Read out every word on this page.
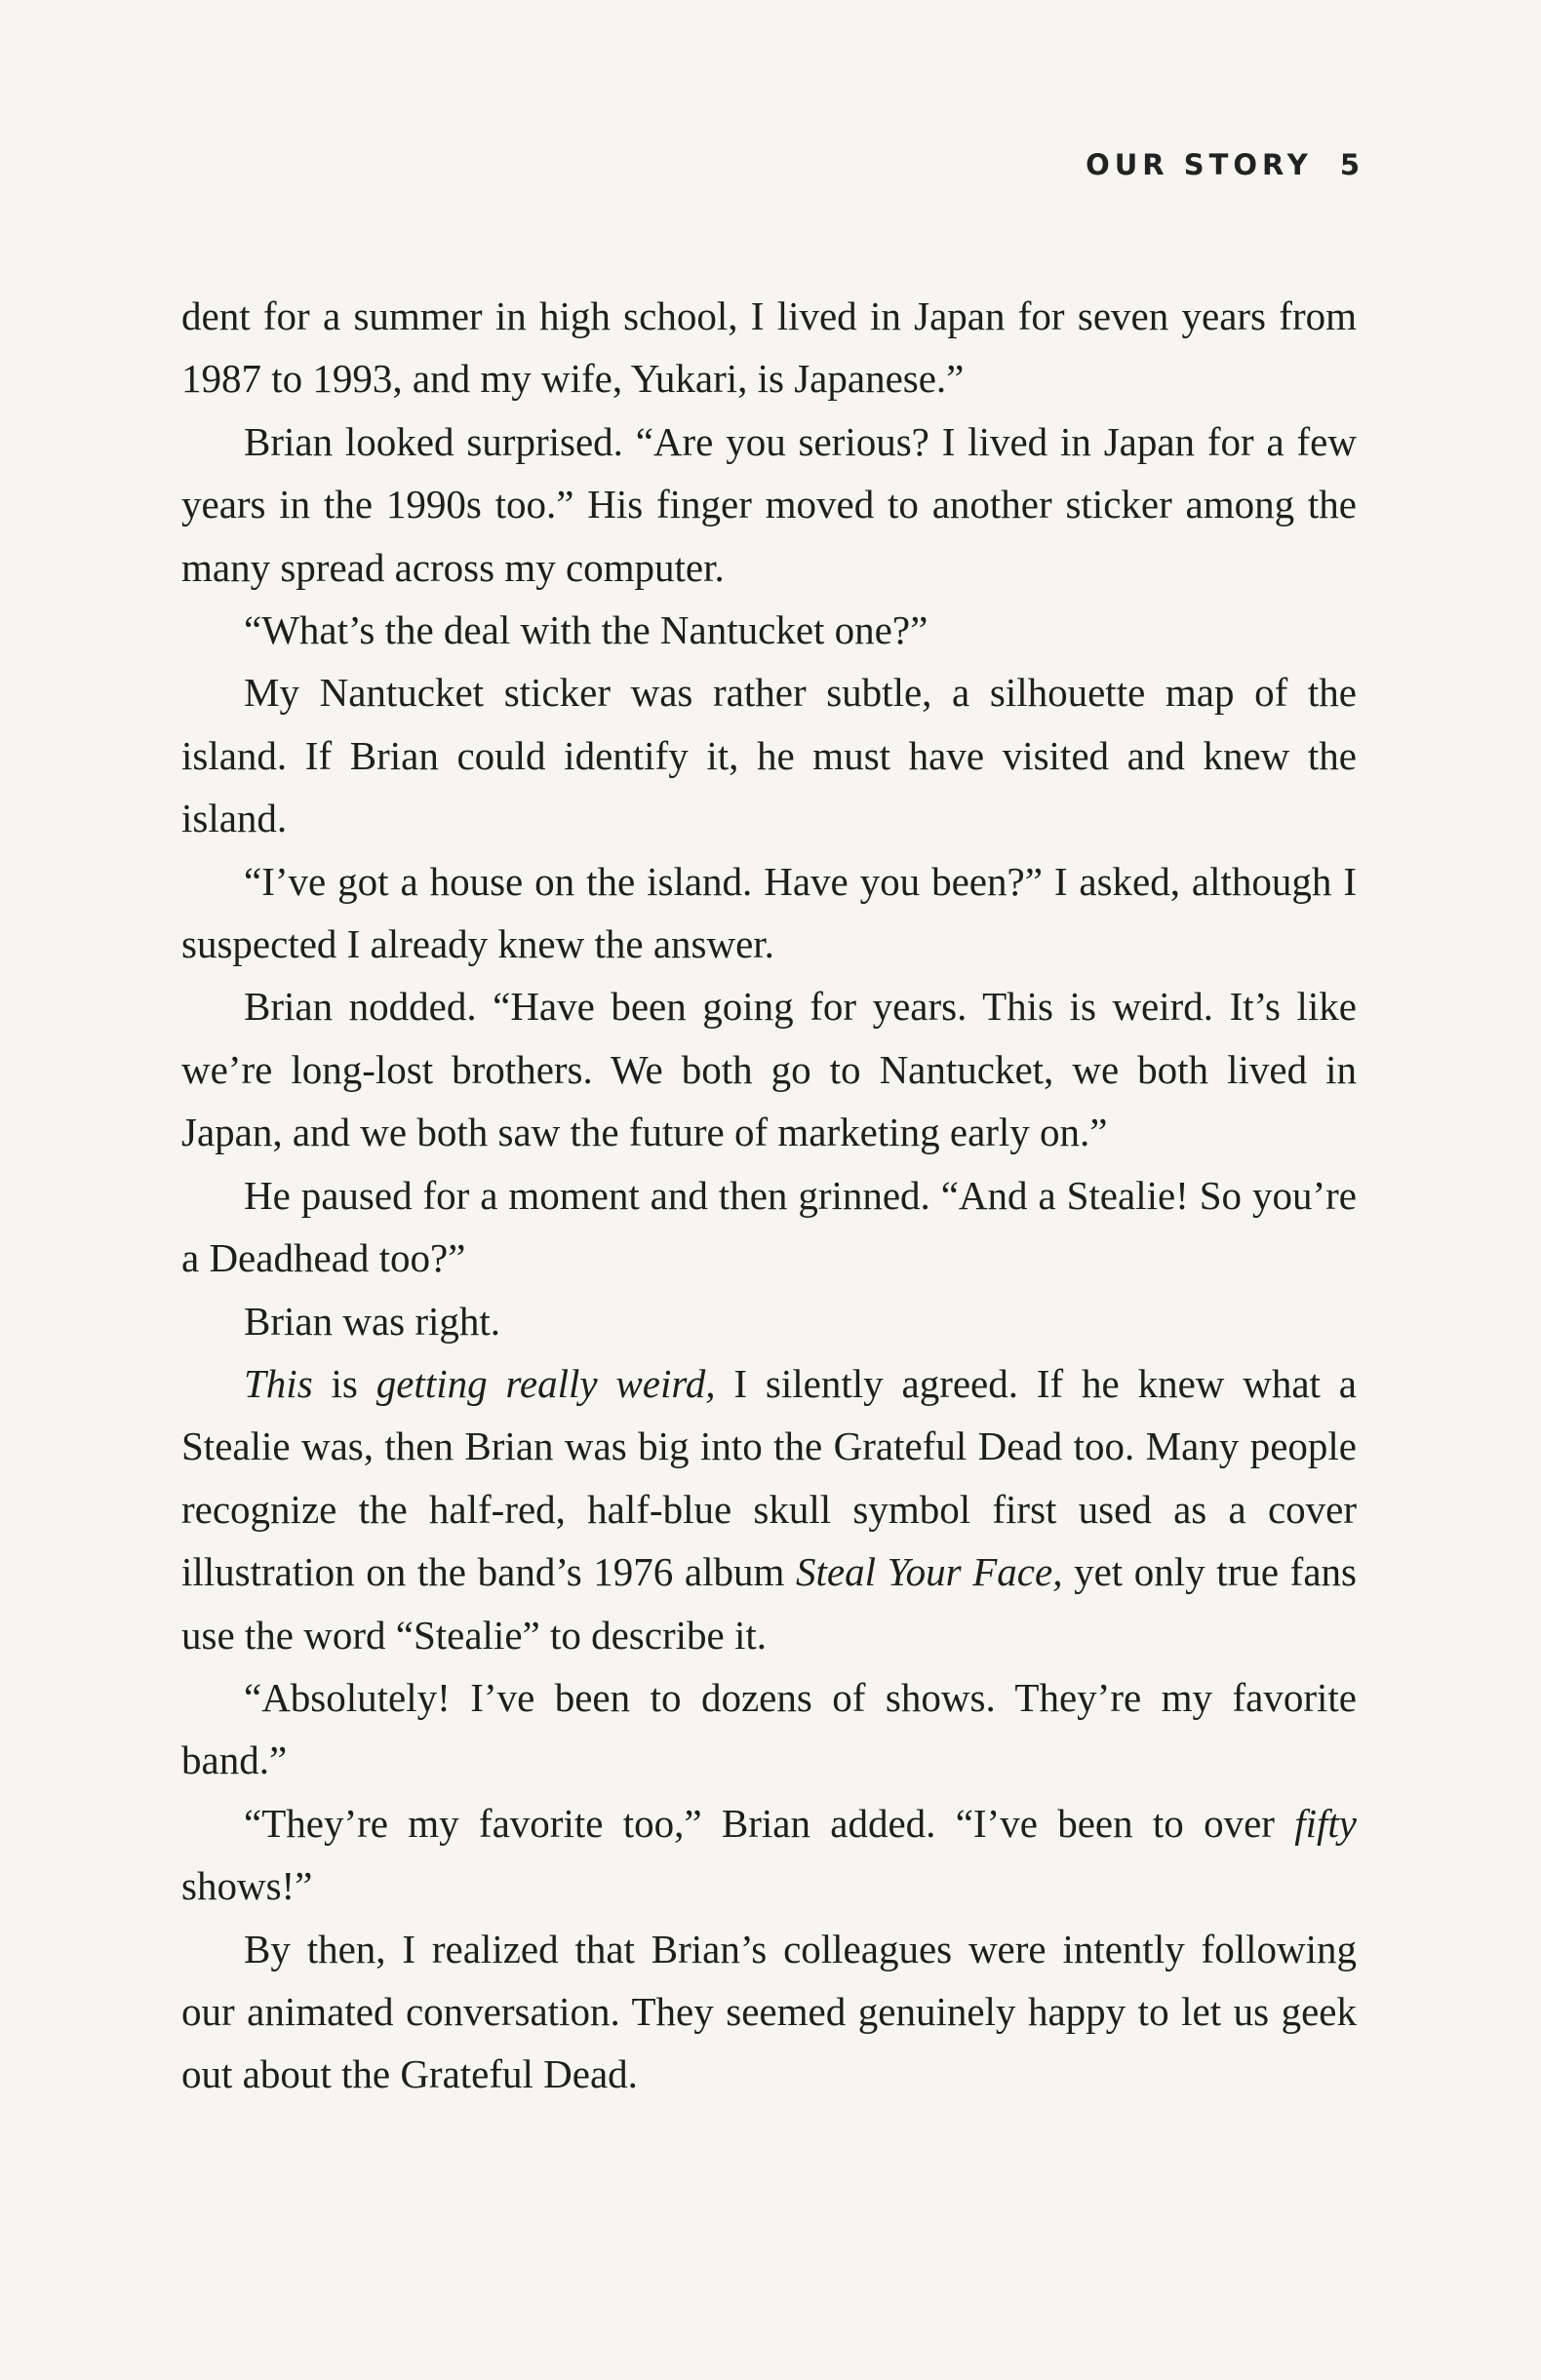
OUR STORY 5

dent for a summer in high school, I lived in Japan for seven years from 1987 to 1993, and my wife, Yukari, is Japanese.”

Brian looked surprised. “Are you serious? I lived in Japan for a few years in the 1990s too.” His finger moved to another sticker among the many spread across my computer.

“What’s the deal with the Nantucket one?”

My Nantucket sticker was rather subtle, a silhouette map of the island. If Brian could identify it, he must have visited and knew the island.

“I’ve got a house on the island. Have you been?” I asked, although I suspected I already knew the answer.

Brian nodded. “Have been going for years. This is weird. It’s like we’re long-lost brothers. We both go to Nantucket, we both lived in Japan, and we both saw the future of marketing early on.”

He paused for a moment and then grinned. “And a Stealie! So you’re a Deadhead too?”

Brian was right.

This is getting really weird, I silently agreed. If he knew what a Stealie was, then Brian was big into the Grateful Dead too. Many people recognize the half-red, half-blue skull symbol first used as a cover illustration on the band’s 1976 album Steal Your Face, yet only true fans use the word “Stealie” to describe it.

“Absolutely! I’ve been to dozens of shows. They’re my favorite band.”

“They’re my favorite too,” Brian added. “I’ve been to over fifty shows!”

By then, I realized that Brian’s colleagues were intently following our animated conversation. They seemed genuinely happy to let us geek out about the Grateful Dead.
